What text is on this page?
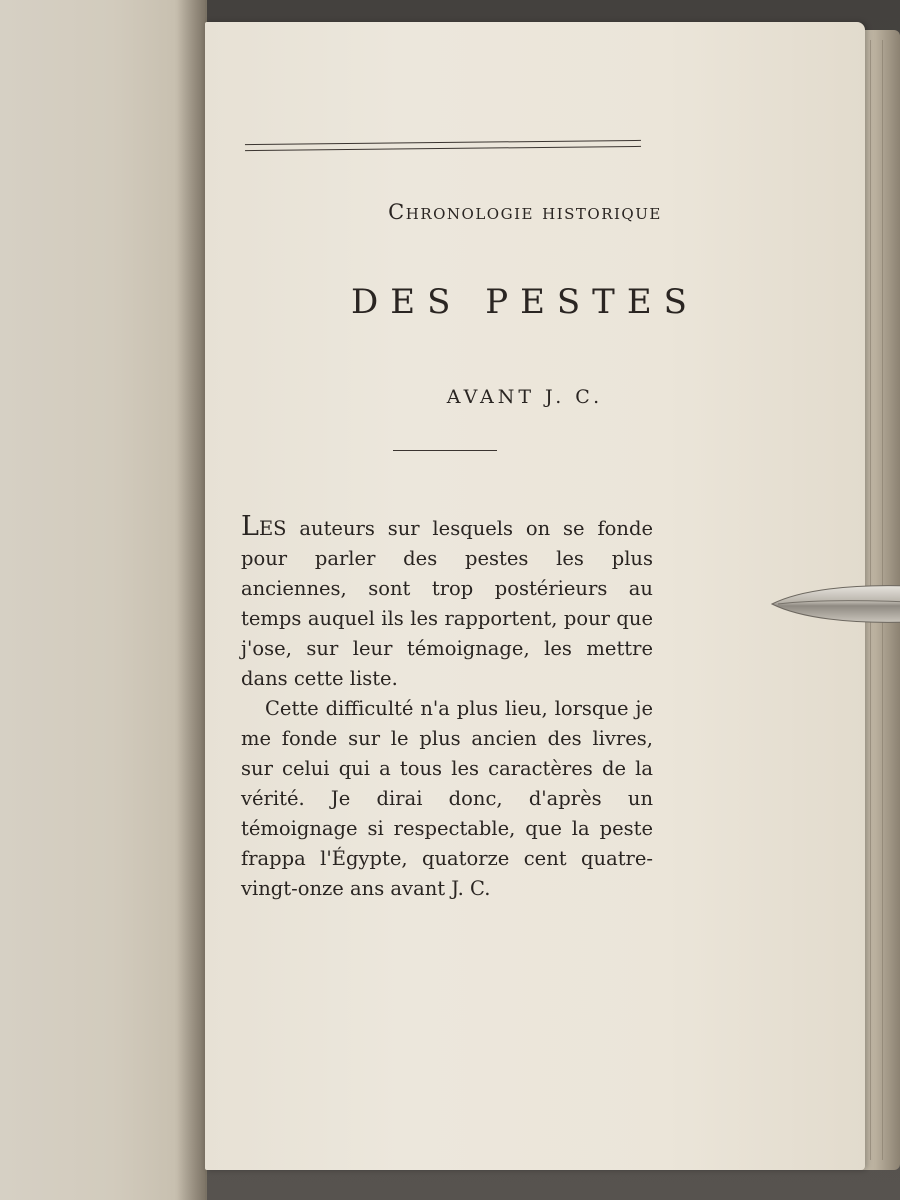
Chronologie historique
DES PESTES
AVANT J. C.

LES auteurs sur lesquels on se fonde pour parler des pestes les plus anciennes, sont trop postérieurs au temps auquel ils les rapportent, pour que j'ose, sur leur témoignage, les mettre dans cette liste.

Cette difficulté n'a plus lieu, lorsque je me fonde sur le plus ancien des livres, sur celui qui a tous les caractères de la vérité. Je dirai donc, d'après un témoignage si respectable, que la peste frappa l'Égypte, quatorze cent quatre-vingt-onze ans avant J. C.
